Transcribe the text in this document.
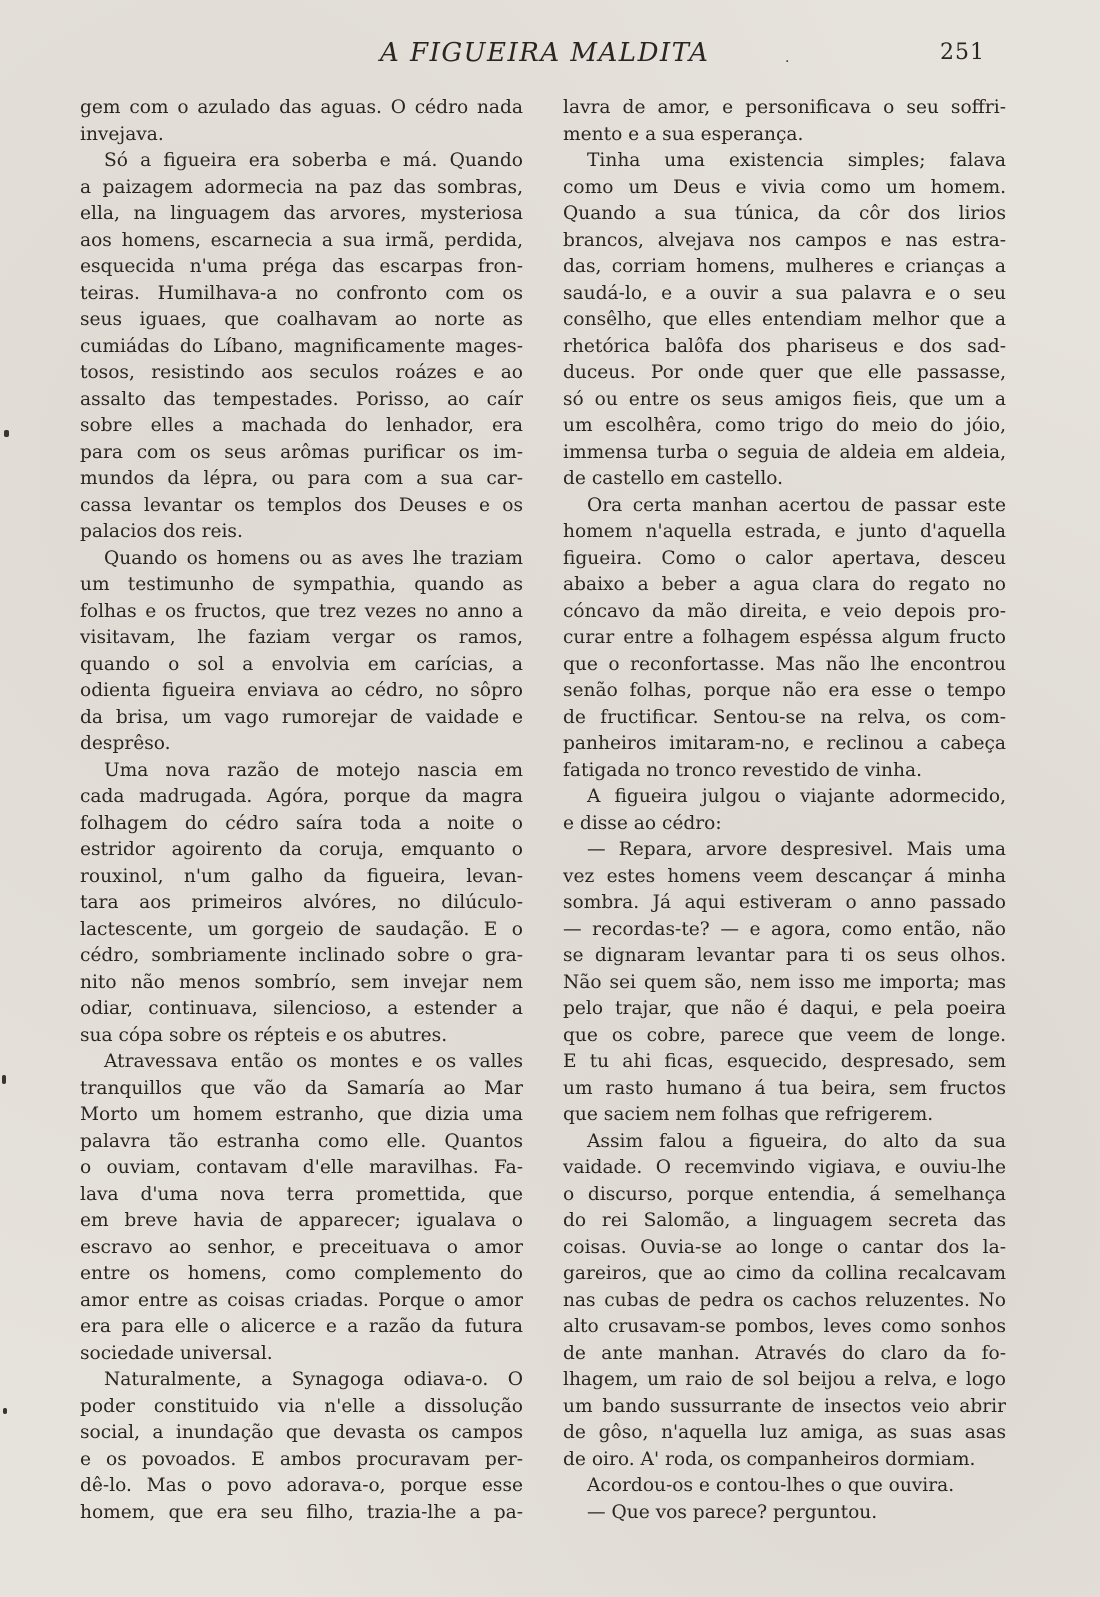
A FIGUEIRA MALDITA	.	251
gem com o azulado das aguas. O cédro nada
invejava.
Só a figueira era soberba e má. Quando
a paizagem adormecia na paz das sombras,
ella, na linguagem das arvores, mysteriosa
aos homens, escarnecia a sua irmã, perdida,
esquecida n'uma préga das escarpas fron-
teiras. Humilhava-a no confronto com os
seus iguaes, que coalhavam ao norte as
cumiádas do Líbano, magnificamente mages-
tosos, resistindo aos seculos roázes e ao
assalto das tempestades. Porisso, ao caír
sobre elles a machada do lenhador, era
para com os seus arômas purificar os im-
mundos da lépra, ou para com a sua car-
cassa levantar os templos dos Deuses e os
palacios dos reis.
Quando os homens ou as aves lhe traziam
um testimunho de sympathia, quando as
folhas e os fructos, que trez vezes no anno a
visitavam, lhe faziam vergar os ramos,
quando o sol a envolvia em carícias, a
odienta figueira enviava ao cédro, no sôpro
da brisa, um vago rumorejar de vaidade e
desprêso.
Uma nova razão de motejo nascia em
cada madrugada. Agóra, porque da magra
folhagem do cédro saíra toda a noite o
estridor agoirento da coruja, emquanto o
rouxinol, n'um galho da figueira, levan-
tara aos primeiros alvóres, no dilúculo-
lactescente, um gorgeio de saudação. E o
cédro, sombriamente inclinado sobre o gra-
nito não menos sombrío, sem invejar nem
odiar, continuava, silencioso, a estender a
sua cópa sobre os répteis e os abutres.
Atravessava então os montes e os valles
tranquillos que vão da Samaría ao Mar
Morto um homem estranho, que dizia uma
palavra tão estranha como elle. Quantos
o ouviam, contavam d'elle maravilhas. Fa-
lava d'uma nova terra promettida, que
em breve havia de apparecer; igualava o
escravo ao senhor, e preceituava o amor
entre os homens, como complemento do
amor entre as coisas criadas. Porque o amor
era para elle o alicerce e a razão da futura
sociedade universal.
Naturalmente, a Synagoga odiava-o. O
poder constituido via n'elle a dissolução
social, a inundação que devasta os campos
e os povoados. E ambos procuravam per-
dê-lo. Mas o povo adorava-o, porque esse
homem, que era seu filho, trazia-lhe a pa-
lavra de amor, e personificava o seu soffri-
mento e a sua esperança.
Tinha uma existencia simples; falava
como um Deus e vivia como um homem.
Quando a sua túnica, da côr dos lirios
brancos, alvejava nos campos e nas estra-
das, corriam homens, mulheres e crianças a
saudá-lo, e a ouvir a sua palavra e o seu
consêlho, que elles entendiam melhor que a
rhetórica balôfa dos phariseus e dos sad-
duceus. Por onde quer que elle passasse,
só ou entre os seus amigos fieis, que um a
um escolhêra, como trigo do meio do jóio,
immensa turba o seguia de aldeia em aldeia,
de castello em castello.
Ora certa manhan acertou de passar este
homem n'aquella estrada, e junto d'aquella
figueira. Como o calor apertava, desceu
abaixo a beber a agua clara do regato no
cóncavo da mão direita, e veio depois pro-
curar entre a folhagem espéssa algum fructo
que o reconfortasse. Mas não lhe encontrou
senão folhas, porque não era esse o tempo
de fructificar. Sentou-se na relva, os com-
panheiros imitaram-no, e reclinou a cabeça
fatigada no tronco revestido de vinha.
A figueira julgou o viajante adormecido,
e disse ao cédro:
— Repara, arvore despresivel. Mais uma
vez estes homens veem descançar á minha
sombra. Já aqui estiveram o anno passado
— recordas-te? — e agora, como então, não
se dignaram levantar para ti os seus olhos.
Não sei quem são, nem isso me importa; mas
pelo trajar, que não é daqui, e pela poeira
que os cobre, parece que veem de longe.
E tu ahi ficas, esquecido, despresado, sem
um rasto humano á tua beira, sem fructos
que saciem nem folhas que refrigerem.
Assim falou a figueira, do alto da sua
vaidade. O recemvindo vigiava, e ouviu-lhe
o discurso, porque entendia, á semelhança
do rei Salomão, a linguagem secreta das
coisas. Ouvia-se ao longe o cantar dos la-
gareiros, que ao cimo da collina recalcavam
nas cubas de pedra os cachos reluzentes. No
alto crusavam-se pombos, leves como sonhos
de ante manhan. Através do claro da fo-
lhagem, um raio de sol beijou a relva, e logo
um bando sussurrante de insectos veio abrir
de gôso, n'aquella luz amiga, as suas asas
de oiro. A' roda, os companheiros dormiam.
Acordou-os e contou-lhes o que ouvira.
— Que vos parece? perguntou.
